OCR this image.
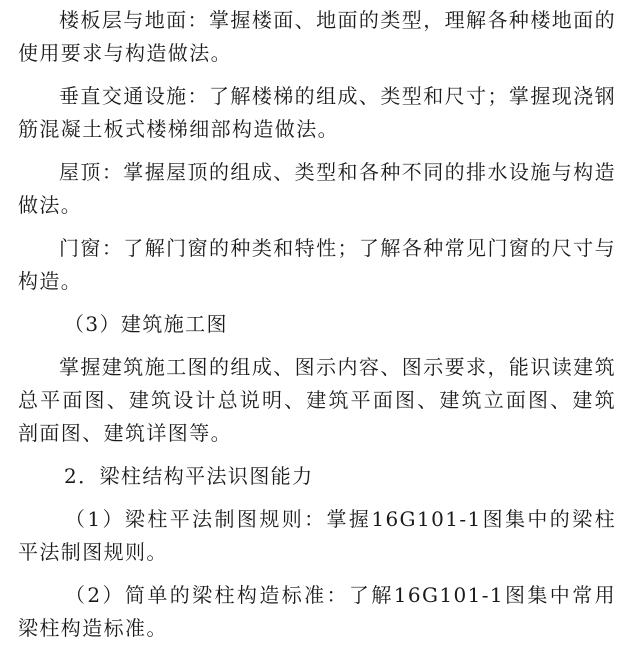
楼板层与地面：掌握楼面、地面的类型，理解各种楼地面的使用要求与构造做法。

垂直交通设施：了解楼梯的组成、类型和尺寸；掌握现浇钢筋混凝土板式楼梯细部构造做法。

屋顶：掌握屋顶的组成、类型和各种不同的排水设施与构造做法。

门窗：了解门窗的种类和特性；了解各种常见门窗的尺寸与构造。

（3）建筑施工图

掌握建筑施工图的组成、图示内容、图示要求，能识读建筑总平面图、建筑设计总说明、建筑平面图、建筑立面图、建筑剖面图、建筑详图等。

2．梁柱结构平法识图能力

（1）梁柱平法制图规则：掌握16G101-1图集中的梁柱平法制图规则。

（2）简单的梁柱构造标准：了解16G101-1图集中常用梁柱构造标准。
